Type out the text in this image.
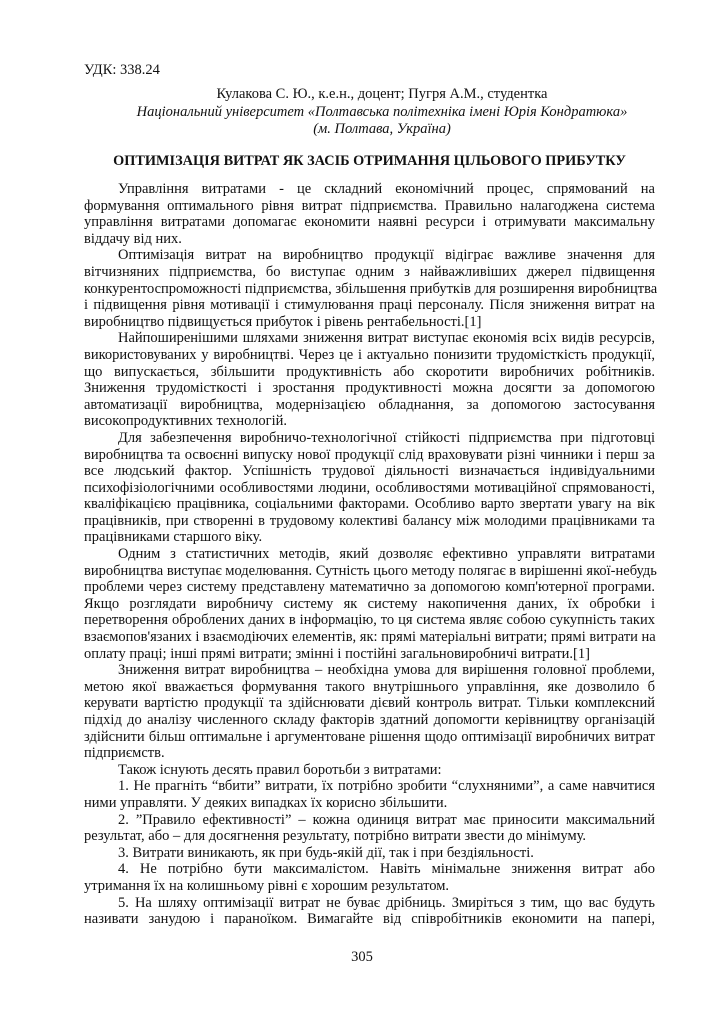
УДК: 338.24
Кулакова С. Ю., к.е.н., доцент; Пугря А.М., студентка
Національний університет «Полтавська політехніка імені Юрія Кондратюка»
(м. Полтава, Україна)
ОПТИМІЗАЦІЯ ВИТРАТ ЯК ЗАСІБ ОТРИМАННЯ ЦІЛЬОВОГО ПРИБУТКУ
Управління витратами - це складний економічний процес, спрямований на
формування оптимального рівня витрат підприємства. Правильно налагоджена система
управління витратами допомагає економити наявні ресурси і отримувати максимальну
віддачу від них.
Оптимізація витрат на виробництво продукції відіграє важливе значення для
вітчизняних підприємства, бо виступає одним з найважливіших джерел підвищення
конкурентоспроможності підприємства, збільшення прибутків для розширення виробництва
і підвищення рівня мотивації і стимулювання праці персоналу. Після зниження витрат на
виробництво підвищується прибуток і рівень рентабельності.[1]
Найпоширенішими шляхами зниження витрат виступає економія всіх видів ресурсів,
використовуваних у виробництві. Через це і актуально понизити трудомісткість продукції,
що випускається, збільшити продуктивність або скоротити виробничих робітників.
Зниження трудомісткості і зростання продуктивності можна досягти за допомогою
автоматизації виробництва, модернізацією обладнання, за допомогою застосування
високопродуктивних технологій.
Для забезпечення виробничо-технологічної стійкості підприємства при підготовці
виробництва та освоєнні випуску нової продукції слід враховувати різні чинники і перш за
все людський фактор. Успішність трудової діяльності визначається індивідуальними
психофізіологічними особливостями людини, особливостями мотиваційної спрямованості,
кваліфікацією працівника, соціальними факторами. Особливо варто звертати увагу на вік
працівників, при створенні в трудовому колективі балансу між молодими працівниками та
працівниками старшого віку.
Одним з статистичних методів, який дозволяє ефективно управляти витратами
виробництва виступає моделювання. Сутність цього методу полягає в вирішенні якої-небудь
проблеми через систему представлену математично за допомогою комп'ютерної програми.
Якщо розглядати виробничу систему як систему накопичення даних, їх обробки і
перетворення оброблених даних в інформацію, то ця система являє собою сукупність таких
взаємопов'язаних і взаємодіючих елементів, як: прямі матеріальні витрати; прямі витрати на
оплату праці; інші прямі витрати; змінні і постійні загальновиробничі витрати.[1]
Зниження витрат виробництва – необхідна умова для вирішення головної проблеми,
метою якої вважається формування такого внутрішнього управління, яке дозволило б
керувати вартістю продукції та здійснювати дієвий контроль витрат. Тільки комплексний
підхід до аналізу численного складу факторів здатний допомогти керівництву організацій
здійснити більш оптимальне і аргументоване рішення щодо оптимізації виробничих витрат
підприємств.
Також існують десять правил боротьби з витратами:
1. Не прагніть “вбити” витрати, їх потрібно зробити “слухняними”, а саме навчитися
ними управляти. У деяких випадках їх корисно збільшити.
2. ”Правило ефективності” – кожна одиниця витрат має приносити максимальний
результат, або – для досягнення результату, потрібно витрати звести до мінімуму.
3. Витрати виникають, як при будь-якій дії, так і при бездіяльності.
4. Не потрібно бути максималістом. Навіть мінімальне зниження витрат або
утримання їх на колишньому рівні є хорошим результатом.
5. На шляху оптимізації витрат не буває дрібниць. Змиріться з тим, що вас будуть
називати занудою і параноїком. Вимагайте від співробітників економити на папері,
305
